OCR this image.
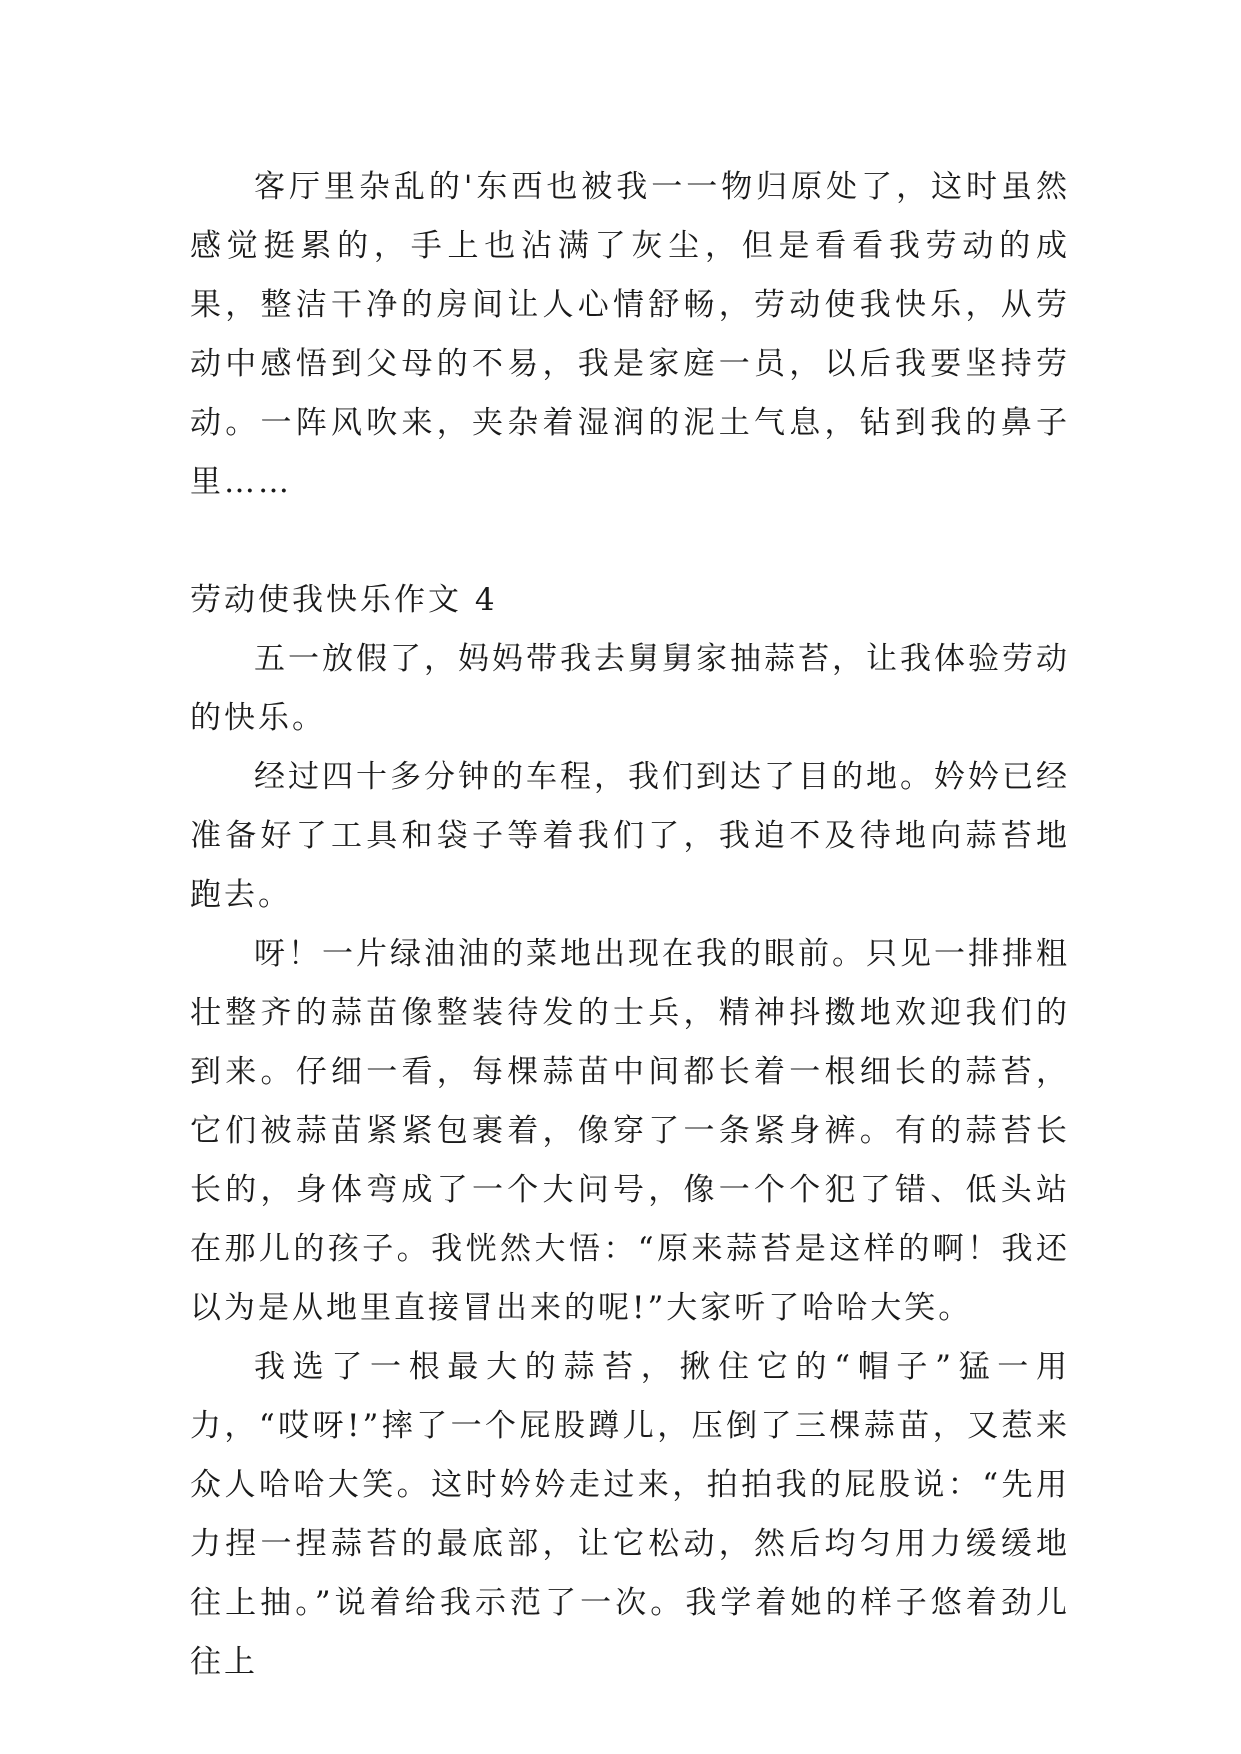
客厅里杂乱的'东西也被我一一物归原处了，这时虽然感觉挺累的，手上也沾满了灰尘，但是看看我劳动的成果，整洁干净的房间让人心情舒畅，劳动使我快乐，从劳动中感悟到父母的不易，我是家庭一员，以后我要坚持劳动。一阵风吹来，夹杂着湿润的泥土气息，钻到我的鼻子里……

劳动使我快乐作文 4

五一放假了，妈妈带我去舅舅家抽蒜苔，让我体验劳动的快乐。

经过四十多分钟的车程，我们到达了目的地。妗妗已经准备好了工具和袋子等着我们了，我迫不及待地向蒜苔地跑去。

呀！一片绿油油的菜地出现在我的眼前。只见一排排粗壮整齐的蒜苗像整装待发的士兵，精神抖擞地欢迎我们的到来。仔细一看，每棵蒜苗中间都长着一根细长的蒜苔，它们被蒜苗紧紧包裹着，像穿了一条紧身裤。有的蒜苔长长的，身体弯成了一个大问号，像一个个犯了错、低头站在那儿的孩子。我恍然大悟：“原来蒜苔是这样的啊！我还以为是从地里直接冒出来的呢!”大家听了哈哈大笑。

我选了一根最大的蒜苔，揪住它的“帽子”猛一用力，“哎呀!”摔了一个屁股蹲儿，压倒了三棵蒜苗，又惹来众人哈哈大笑。这时妗妗走过来，拍拍我的屁股说：“先用力捏一捏蒜苔的最底部，让它松动，然后均匀用力缓缓地往上抽。”说着给我示范了一次。我学着她的样子悠着劲儿往上
